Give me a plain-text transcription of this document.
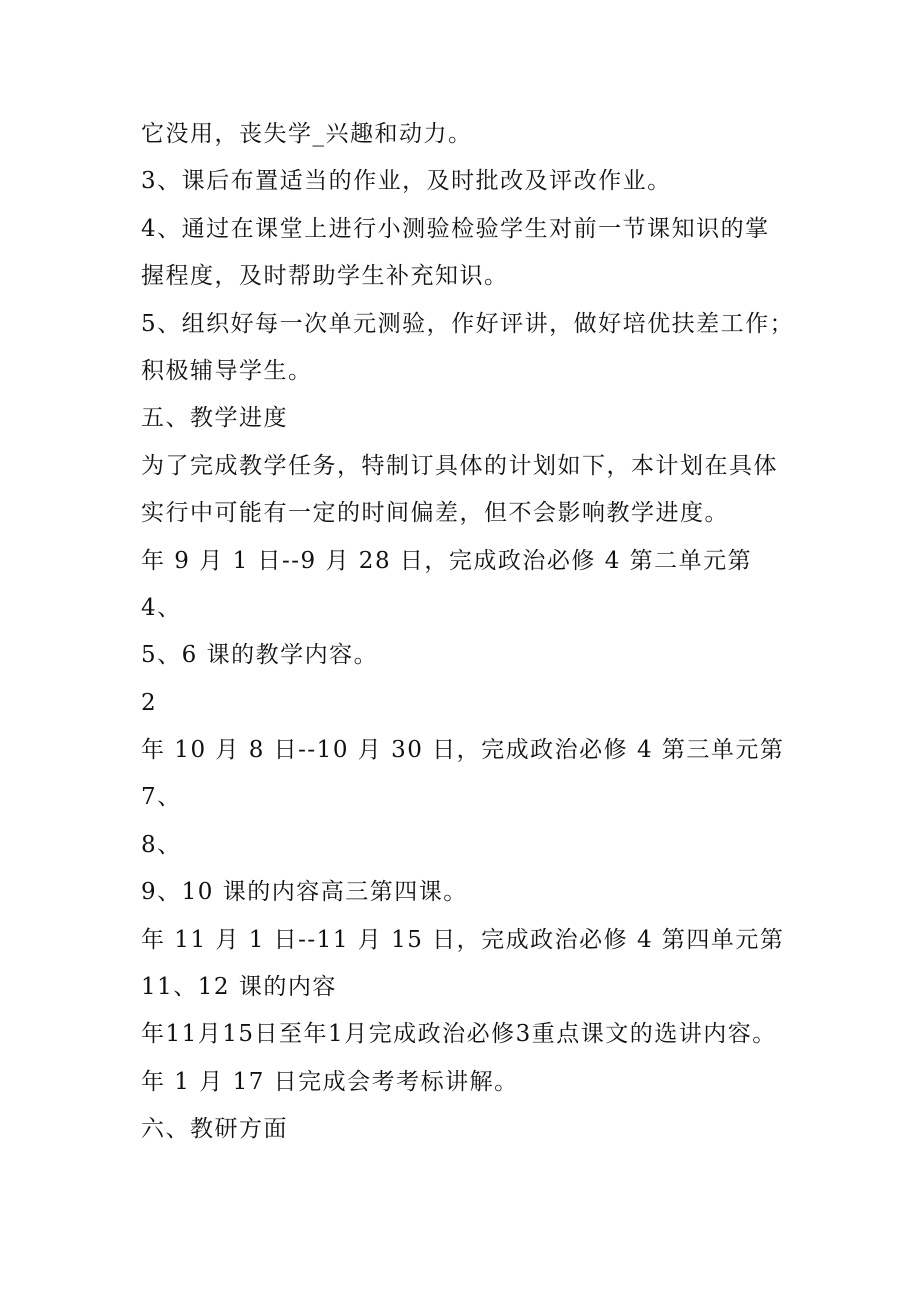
它没用，丧失学_兴趣和动力。
3、课后布置适当的作业，及时批改及评改作业。
4、通过在课堂上进行小测验检验学生对前一节课知识的掌
握程度，及时帮助学生补充知识。
5、组织好每一次单元测验，作好评讲，做好培优扶差工作；
积极辅导学生。
五、教学进度
为了完成教学任务，特制订具体的计划如下，本计划在具体
实行中可能有一定的时间偏差，但不会影响教学进度。
年 9 月 1 日--9 月 28 日，完成政治必修 4 第二单元第
4、
5、6 课的教学内容。
2
年 10 月 8 日--10 月 30 日，完成政治必修 4 第三单元第
7、
8、
9、10 课的内容高三第四课。
年 11 月 1 日--11 月 15 日，完成政治必修 4 第四单元第
11、12 课的内容
年11月15日至年1月完成政治必修3重点课文的选讲内容。
年 1 月 17 日完成会考考标讲解。
六、教研方面
